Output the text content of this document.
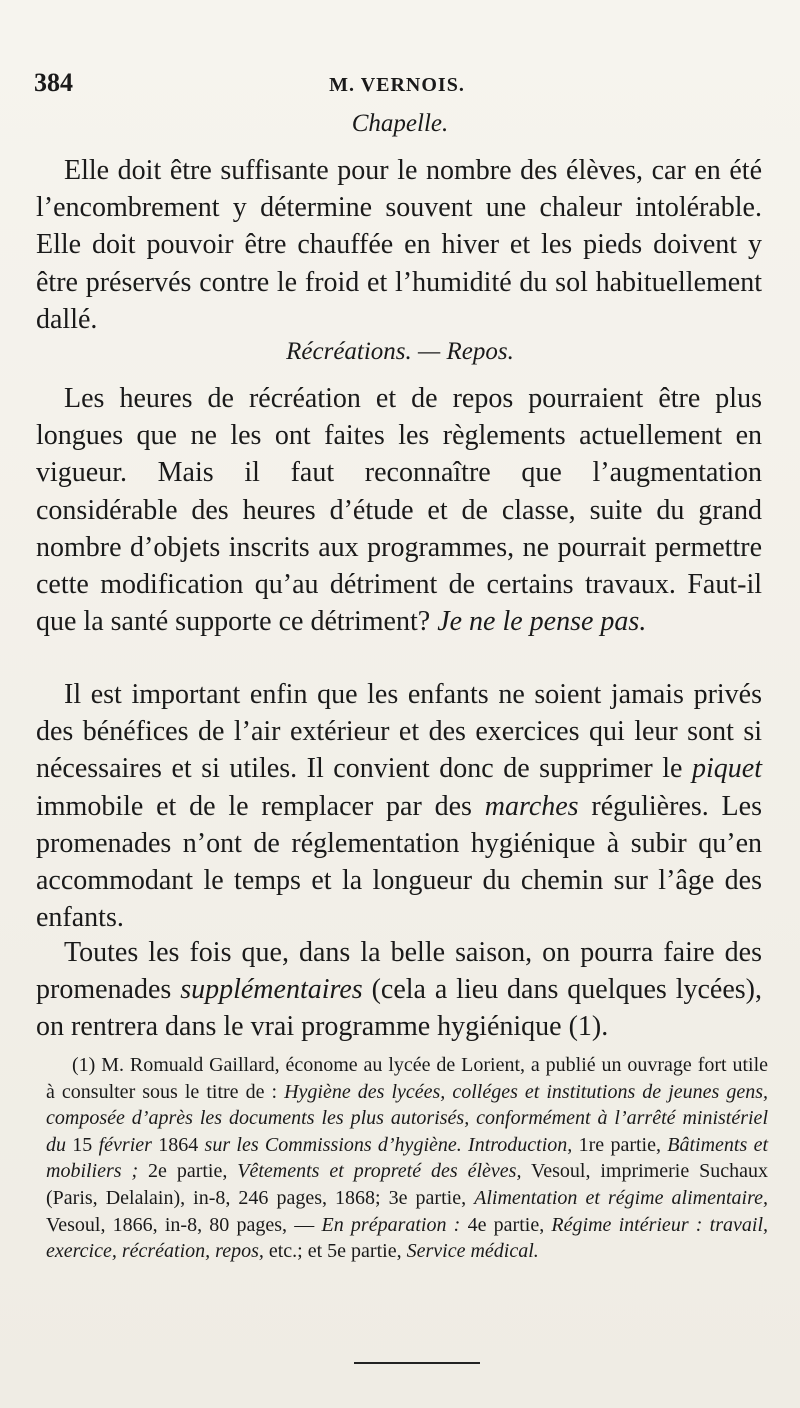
384	M. VERNOIS.
Chapelle.

Elle doit être suffisante pour le nombre des élèves, car en été l’encombrement y détermine souvent une chaleur intolérable. Elle doit pouvoir être chauffée en hiver et les pieds doivent y être préservés contre le froid et l’humidité du sol habituellement dallé.

Récréations. — Repos.

Les heures de récréation et de repos pourraient être plus longues que ne les ont faites les règlements actuellement en vigueur. Mais il faut reconnaître que l’augmentation considérable des heures d’étude et de classe, suite du grand nombre d’objets inscrits aux programmes, ne pourrait permettre cette modification qu’au détriment de certains travaux. Faut-il que la santé supporte ce détriment? Je ne le pense pas.

Il est important enfin que les enfants ne soient jamais privés des bénéfices de l’air extérieur et des exercices qui leur sont si nécessaires et si utiles. Il convient donc de supprimer le piquet immobile et de le remplacer par des marches régulières. Les promenades n’ont de réglementation hygiénique à subir qu’en accommodant le temps et la longueur du chemin sur l’âge des enfants.

Toutes les fois que, dans la belle saison, on pourra faire des promenades supplémentaires (cela a lieu dans quelques lycées), on rentrera dans le vrai programme hygiénique (1).

(1) M. Romuald Gaillard, économe au lycée de Lorient, a publié un ouvrage fort utile à consulter sous le titre de : Hygiène des lycées, colléges et institutions de jeunes gens, composée d’après les documents les plus autorisés, conformément à l’arrêté ministériel du 15 février 1864 sur les Commissions d’hygiène. Introduction, 1re partie, Bâtiments et mobiliers ; 2e partie, Vêtements et propreté des élèves, Vesoul, imprimerie Suchaux (Paris, Delalain), in-8, 246 pages, 1868; 3e partie, Alimentation et régime alimentaire, Vesoul, 1866, in-8, 80 pages, — En préparation : 4e partie, Régime intérieur : travail, exercice, récréation, repos, etc.; et 5e partie, Service médical.
